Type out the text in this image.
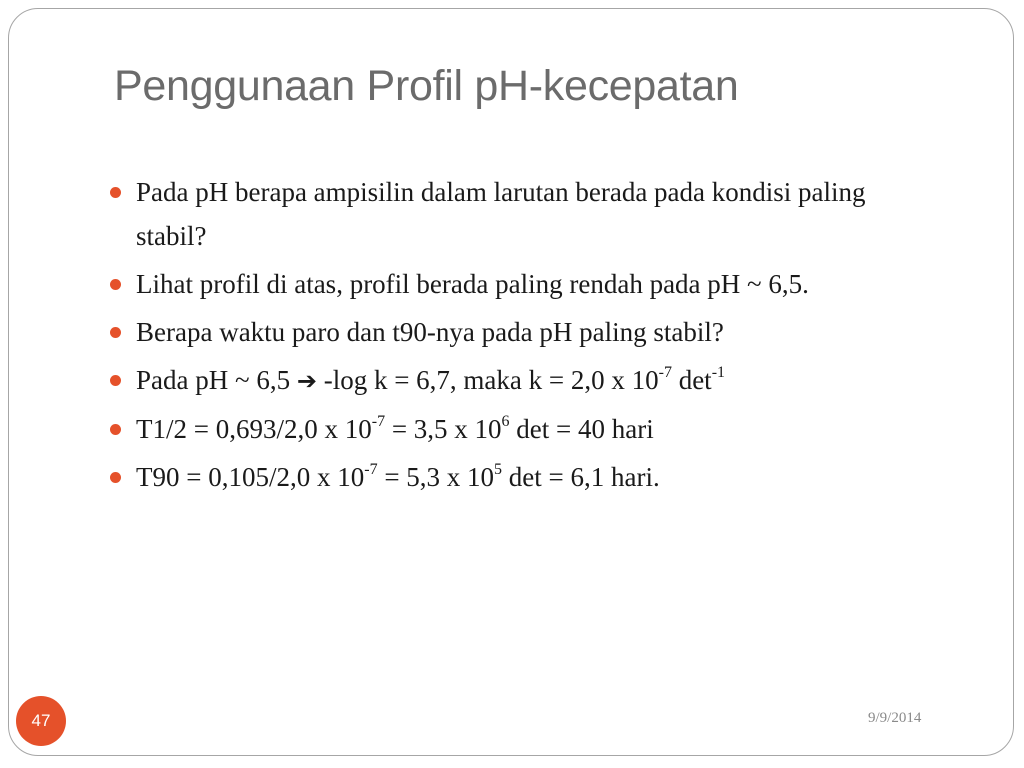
Penggunaan Profil pH-kecepatan
Pada pH berapa ampisilin dalam larutan berada pada kondisi paling stabil?
Lihat profil di atas, profil berada paling rendah pada pH ~ 6,5.
Berapa waktu paro dan t90-nya pada pH paling stabil?
Pada pH ~ 6,5 ➔ -log k = 6,7, maka k = 2,0 x $10^{-7}$ $\det^{-1}$
T1/2 = 0,693/2,0 x $10^{-7} = 3,5$ x $10^6$ det = 40 hari
T90 = 0,105/2,0 x $10^{-7} = 5,3$ x $10^5$ det = 6,1 hari.
47	9/9/2014
